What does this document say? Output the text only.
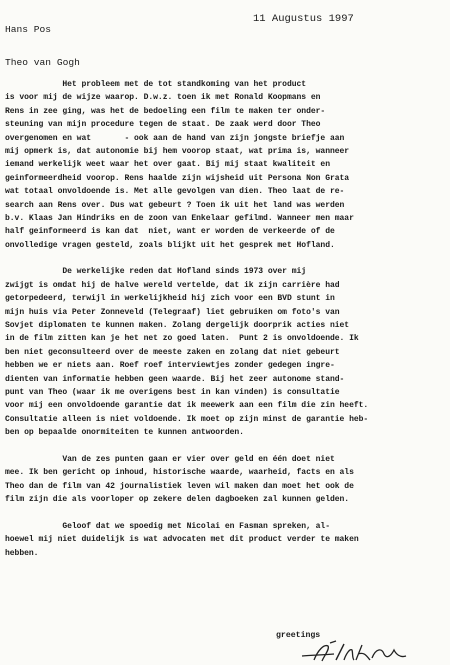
Hans Pos

Theo van Gogh

11 Augustus 1997
Het probleem met de tot standkoming van het product
is voor mij de wijze waarop. D.w.z. toen ik met Ronald Koopmans en
Rens in zee ging, was het de bedoeling een film te maken ter onder-
steuning van mijn procedure tegen de staat. De zaak werd door Theo
overgenomen en wat       - ook aan de hand van zijn jongste briefje aan
mij opmerk is, dat autonomie bij hem voorop staat, wat prima is, wanneer
iemand werkelijk weet waar het over gaat. Bij mij staat kwaliteit en
geinformeerdheid voorop. Rens haalde zijn wijsheid uit Persona Non Grata
wat totaal onvoldoende is. Met alle gevolgen van dien. Theo laat de re-
search aan Rens over. Dus wat gebeurt ? Toen ik uit het land was werden
b.v. Klaas Jan Hindriks en de zoon van Enkelaar gefilmd. Wanneer men maar
half geinformeerd is kan dat  niet, want er worden de verkeerde of de
onvolledige vragen gesteld, zoals blijkt uit het gesprek met Hofland.
De werkelijke reden dat Hofland sinds 1973 over mij
zwijgt is omdat hij de halve wereld vertelde, dat ik zijn carrière had
getorpedeerd, terwijl in werkelijkheid hij zich voor een BVD stunt in
mijn huis via Peter Zonneveld (Telegraaf) liet gebruiken om foto's van
Sovjet diplomaten te kunnen maken. Zolang dergelijk doorprik acties niet
in de film zitten kan je het net zo goed laten.  Punt 2 is onvoldoende. Ik
ben niet geconsulteerd over de meeste zaken en zolang dat niet gebeurt
hebben we er niets aan. Roef roef interviewtjes zonder gedegen ingre-
dienten van informatie hebben geen waarde. Bij het zeer autonome stand-
punt van Theo (waar ik me overigens best in kan vinden) is consultatie
voor mij een onvoldoende garantie dat ik meewerk aan een film die zin heeft.
Consultatie alleen is niet voldoende. Ik moet op zijn minst de garantie heb-
ben op bepaalde onormiteiten te kunnen antwoorden.
Van de zes punten gaan er vier over geld en één doet niet
mee. Ik ben gericht op inhoud, historische waarde, waarheid, facts en als
Theo dan de film van 42 journalistiek leven wil maken dan moet het ook de
film zijn die als voorloper op zekere delen dagboeken zal kunnen gelden.
Geloof dat we spoedig met Nicolai en Fasman spreken, al-
hoewel mij niet duidelijk is wat advocaten met dit product verder te maken
hebben.
greetings
